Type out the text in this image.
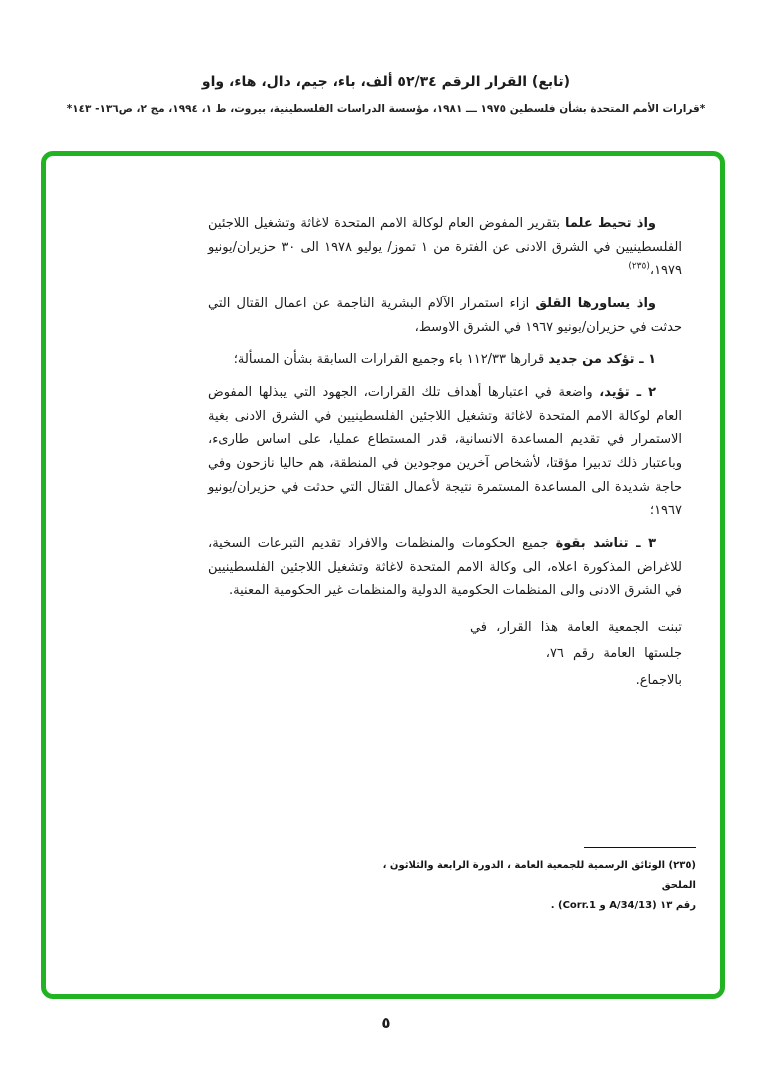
(تابع) القرار الرقم ٥٢/٣٤ ألف، باء، جيم، دال، هاء، واو
*قرارات الأمم المتحدة بشأن فلسطين ١٩٧٥ ـــ ١٩٨١، مؤسسة الدراسات الفلسطينية، بيروت، ط ١، ١٩٩٤، مج ٢، ص١٣٦- ١٤٣*

واذ تحيط علما بتقرير المفوض العام لوكالة الامم المتحدة لاغاثة وتشغيل اللاجئين الفلسطينيين في الشرق الادنى عن الفترة من ١ تموز/ يوليو ١٩٧٨ الى ٣٠ حزيران/يونيو ١٩٧٩،$^{(٢٣٥)}$

واذ يساورها القلق ازاء استمرار الآلام البشرية الناجمة عن اعمال القتال التي حدثت في حزيران/يونيو ١٩٦٧ في الشرق الاوسط،

١ ـ تؤكد من جديد قرارها ١١٢/٣٣ باء وجميع القرارات السابقة بشأن المسألة؛

٢ ـ تؤيد، واضعة في اعتبارها أهداف تلك القرارات، الجهود التي يبذلها المفوض العام لوكالة الامم المتحدة لاغاثة وتشغيل اللاجئين الفلسطينيين في الشرق الادنى بغية الاستمرار في تقديم المساعدة الانسانية، قدر المستطاع عمليا، على اساس طارىء، وباعتبار ذلك تدبيرا مؤقتا، لأشخاص آخرين موجودين في المنطقة، هم حاليا نازحون وفي حاجة شديدة الى المساعدة المستمرة نتيجة لأعمال القتال التي حدثت في حزيران/يونيو ١٩٦٧؛

٣ ـ تناشد بقوة جميع الحكومات والمنظمات والافراد تقديم التبرعات السخية، للاغراض المذكورة اعلاه، الى وكالة الامم المتحدة لاغاثة وتشغيل اللاجئين الفلسطينيين في الشرق الادنى والى المنظمات الحكومية الدولية والمنظمات غير الحكومية المعنية.

تبنت الجمعية العامة هذا القرار، في
جلستها العامة رقم ٧٦،
بالاجماع.
(٢٣٥) الوثائق الرسمية للجمعية العامة ، الدورة الرابعة والثلاثون ، الملحق
رقم ١٣ (A/34/13 و Corr.1) .
٥
